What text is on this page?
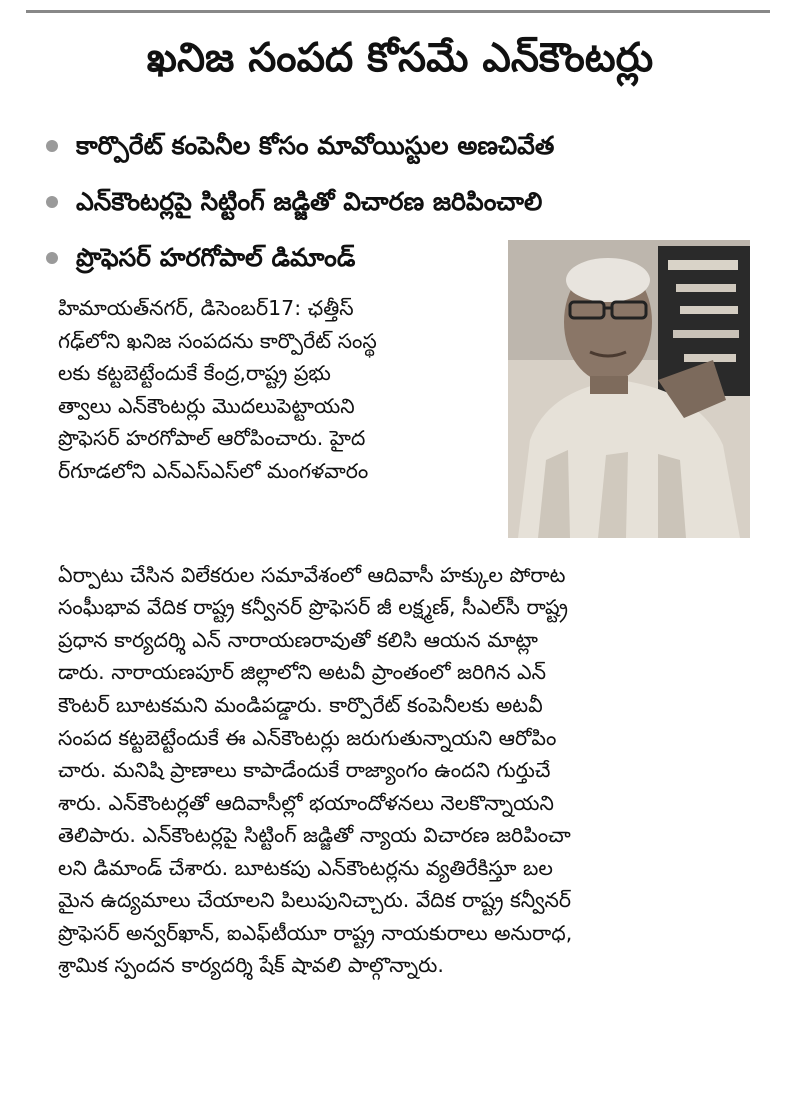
ఖనిజ సంపద కోసమే ఎన్‌కౌంటర్లు
కార్పొరేట్ కంపెనీల కోసం మావోయిస్టుల అణచివేత
ఎన్‌కౌంటర్లపై సిట్టింగ్ జడ్జితో విచారణ జరిపించాలి
ప్రొఫెసర్ హరగోపాల్ డిమాండ్

హిమాయత్‌నగర్, డిసెంబర్17: ఛత్తీస్

గఢ్‌లోని ఖనిజ సంపదను కార్పొరేట్ సంస్థ

లకు కట్టబెట్టేందుకే కేంద్ర,రాష్ట్ర ప్రభు

త్వాలు ఎన్‌కౌంటర్లు మొదలుపెట్టాయని

ప్రొఫెసర్ హరగోపాల్ ఆరోపించారు. హైద

ర్‌గూడలోని ఎన్ఎస్ఎస్‌లో మంగళవారం

ఏర్పాటు చేసిన విలేకరుల సమావేశంలో ఆదివాసీ హక్కుల పోరాట

సంఘీభావ వేదిక రాష్ట్ర కన్వీనర్ ప్రొఫెసర్ జీ లక్ష్మణ్, సీఎల్‌సీ రాష్ట్ర

ప్రధాన కార్యదర్శి ఎన్ నారాయణరావుతో కలిసి ఆయన మాట్లా

డారు. నారాయణపూర్ జిల్లాలోని అటవీ ప్రాంతంలో జరిగిన ఎన్

కౌంటర్ బూటకమని మండిపడ్డారు. కార్పొరేట్ కంపెనీలకు అటవీ

సంపద కట్టబెట్టేందుకే ఈ ఎన్‌కౌంటర్లు జరుగుతున్నాయని ఆరోపిం

చారు. మనిషి ప్రాణాలు కాపాడేందుకే రాజ్యాంగం ఉందని గుర్తుచే

శారు. ఎన్‌కౌంటర్లతో ఆదివాసీల్లో భయాందోళనలు నెలకొన్నాయని

తెలిపారు. ఎన్‌కౌంటర్లపై సిట్టింగ్ జడ్జితో న్యాయ విచారణ జరిపించా

లని డిమాండ్ చేశారు. బూటకపు ఎన్‌కౌంటర్లను వ్యతిరేకిస్తూ బల

మైన ఉద్యమాలు చేయాలని పిలుపునిచ్చారు. వేదిక రాష్ట్ర కన్వీనర్

ప్రొఫెసర్ అన్వర్‌ఖాన్, ఐఎఫ్‌టీయూ రాష్ట్ర నాయకురాలు అనురాధ,

శ్రామిక స్పందన కార్యదర్శి షేక్ షావలి పాల్గొన్నారు.
